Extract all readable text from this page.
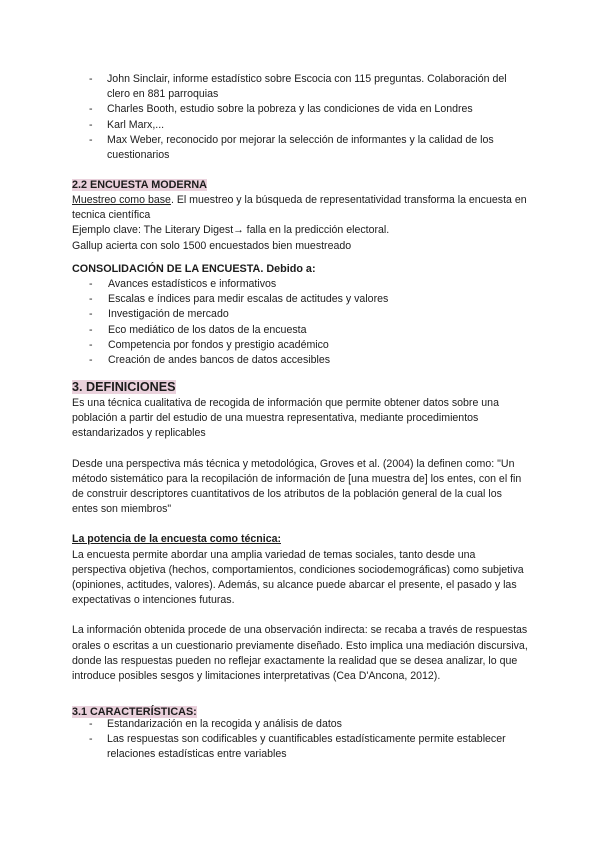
- John Sinclair, informe estadístico sobre Escocia con 115 preguntas. Colaboración del clero en 881 parroquias
- Charles Booth, estudio sobre la pobreza y las condiciones de vida en Londres
- Karl Marx,...
- Max Weber, reconocido por mejorar la selección de informantes y la calidad de los cuestionarios
2.2 ENCUESTA MODERNA

Muestreo como base. El muestreo y la búsqueda de representatividad transforma la encuesta en tecnica científica

Ejemplo clave: The Literary Digest→ falla en la predicción electoral.

Gallup acierta con solo 1500 encuestados bien muestreado

CONSOLIDACIÓN DE LA ENCUESTA. Debido a:
- Avances estadísticos e informativos
- Escalas e índices para medir escalas de actitudes y valores
- Investigación de mercado
- Eco mediático de los datos de la encuesta
- Competencia por fondos y prestigio académico
- Creación de andes bancos de datos accesibles
3. DEFINICIONES

Es una técnica cualitativa de recogida de información que permite obtener datos sobre una población a partir del estudio de una muestra representativa, mediante procedimientos estandarizados y replicables

Desde una perspectiva más técnica y metodológica, Groves et al. (2004) la definen como: "Un método sistemático para la recopilación de información de [una muestra de] los entes, con el fin de construir descriptores cuantitativos de los atributos de la población general de la cual los entes son miembros"

La potencia de la encuesta como técnica:

La encuesta permite abordar una amplia variedad de temas sociales, tanto desde una perspectiva objetiva (hechos, comportamientos, condiciones sociodemográficas) como subjetiva (opiniones, actitudes, valores). Además, su alcance puede abarcar el presente, el pasado y las expectativas o intenciones futuras.

La información obtenida procede de una observación indirecta: se recaba a través de respuestas orales o escritas a un cuestionario previamente diseñado. Esto implica una mediación discursiva, donde las respuestas pueden no reflejar exactamente la realidad que se desea analizar, lo que introduce posibles sesgos y limitaciones interpretativas (Cea D'Ancona, 2012).

3.1 CARACTERÍSTICAS:
- Estandarización en la recogida y análisis de datos
- Las respuestas son codificables y cuantificables estadísticamente permite establecer relaciones estadísticas entre variables
